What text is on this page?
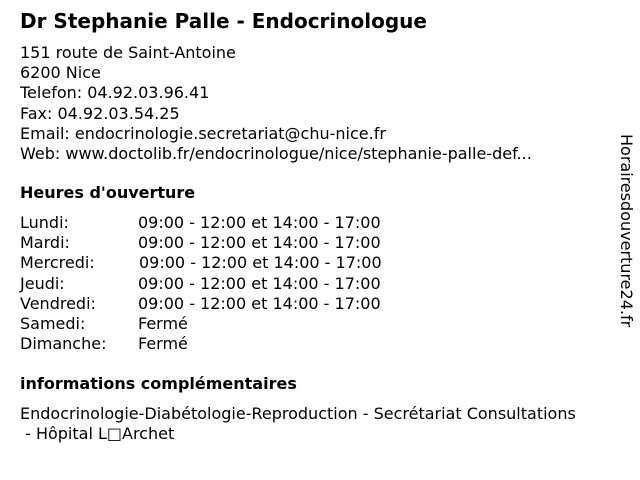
Dr Stephanie Palle - Endocrinologue
151 route de Saint-Antoine
6200 Nice
Telefon: 04.92.03.96.41
Fax: 04.92.03.54.25
Email: endocrinologie.secretariat@chu-nice.fr
Web: www.doctolib.fr/endocrinologue/nice/stephanie-palle-def...
Heures d'ouverture
Lundi:	09:00 - 12:00 et 14:00 - 17:00
Mardi:	09:00 - 12:00 et 14:00 - 17:00
Mercredi:	09:00 - 12:00 et 14:00 - 17:00
Jeudi:	09:00 - 12:00 et 14:00 - 17:00
Vendredi:	09:00 - 12:00 et 14:00 - 17:00
Samedi:	Fermé
Dimanche: Fermé
informations complémentaires
Endocrinologie-Diabétologie-Reproduction - Secrétariat Consultations
- Hôpital L□Archet
Horairesdouverture24.fr
